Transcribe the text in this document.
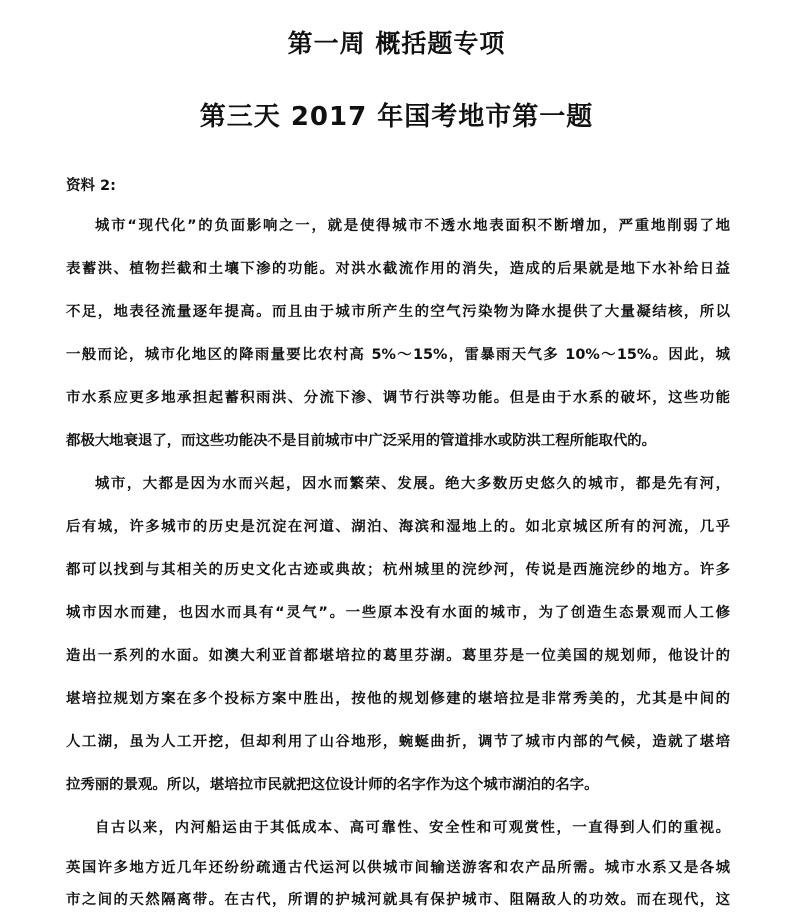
第一周 概括题专项
第三天 2017 年国考地市第一题
资料 2:
城市“现代化”的负面影响之一，就是使得城市不透水地表面积不断增加，严重地削弱了地
表蓄洪、植物拦截和土壤下渗的功能。对洪水截流作用的消失，造成的后果就是地下水补给日益
不足，地表径流量逐年提高。而且由于城市所产生的空气污染物为降水提供了大量凝结核，所以
一般而论，城市化地区的降雨量要比农村高 5%～15%，雷暴雨天气多 10%～15%。因此，城
市水系应更多地承担起蓄积雨洪、分流下渗、调节行洪等功能。但是由于水系的破坏，这些功能
都极大地衰退了，而这些功能决不是目前城市中广泛采用的管道排水或防洪工程所能取代的。
城市，大都是因为水而兴起，因水而繁荣、发展。绝大多数历史悠久的城市，都是先有河，
后有城，许多城市的历史是沉淀在河道、湖泊、海滨和湿地上的。如北京城区所有的河流，几乎
都可以找到与其相关的历史文化古迹或典故；杭州城里的浣纱河，传说是西施浣纱的地方。许多
城市因水而建，也因水而具有“灵气”。一些原本没有水面的城市，为了创造生态景观而人工修
造出一系列的水面。如澳大利亚首都堪培拉的葛里芬湖。葛里芬是一位美国的规划师，他设计的
堪培拉规划方案在多个投标方案中胜出，按他的规划修建的堪培拉是非常秀美的，尤其是中间的
人工湖，虽为人工开挖，但却利用了山谷地形，蜿蜒曲折，调节了城市内部的气候，造就了堪培
拉秀丽的景观。所以，堪培拉市民就把这位设计师的名字作为这个城市湖泊的名字。
自古以来，内河船运由于其低成本、高可靠性、安全性和可观赏性，一直得到人们的重视。
英国许多地方近几年还纷纷疏通古代运河以供城市间输送游客和农产品所需。城市水系又是各城
市之间的天然隔离带。在古代，所谓的护城河就具有保护城市、阻隔敌人的功效。而在现代，这
